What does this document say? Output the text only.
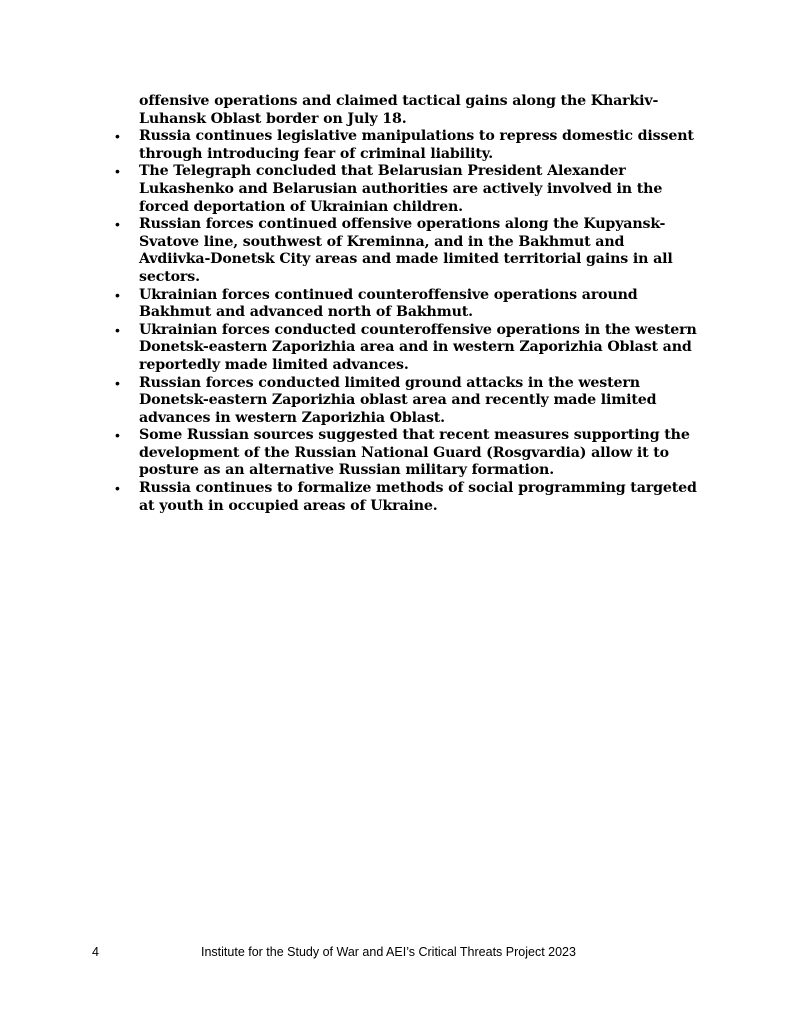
offensive operations and claimed tactical gains along the Kharkiv-Luhansk Oblast border on July 18.

• Russia continues legislative manipulations to repress domestic dissent through introducing fear of criminal liability.
• The Telegraph concluded that Belarusian President Alexander Lukashenko and Belarusian authorities are actively involved in the forced deportation of Ukrainian children.
• Russian forces continued offensive operations along the Kupyansk-Svatove line, southwest of Kreminna, and in the Bakhmut and Avdiivka-Donetsk City areas and made limited territorial gains in all sectors.
• Ukrainian forces continued counteroffensive operations around Bakhmut and advanced north of Bakhmut.
• Ukrainian forces conducted counteroffensive operations in the western Donetsk-eastern Zaporizhia area and in western Zaporizhia Oblast and reportedly made limited advances.
• Russian forces conducted limited ground attacks in the western Donetsk-eastern Zaporizhia oblast area and recently made limited advances in western Zaporizhia Oblast.
• Some Russian sources suggested that recent measures supporting the development of the Russian National Guard (Rosgvardia) allow it to posture as an alternative Russian military formation.
• Russia continues to formalize methods of social programming targeted at youth in occupied areas of Ukraine.
4	Institute for the Study of War and AEI’s Critical Threats Project 2023
